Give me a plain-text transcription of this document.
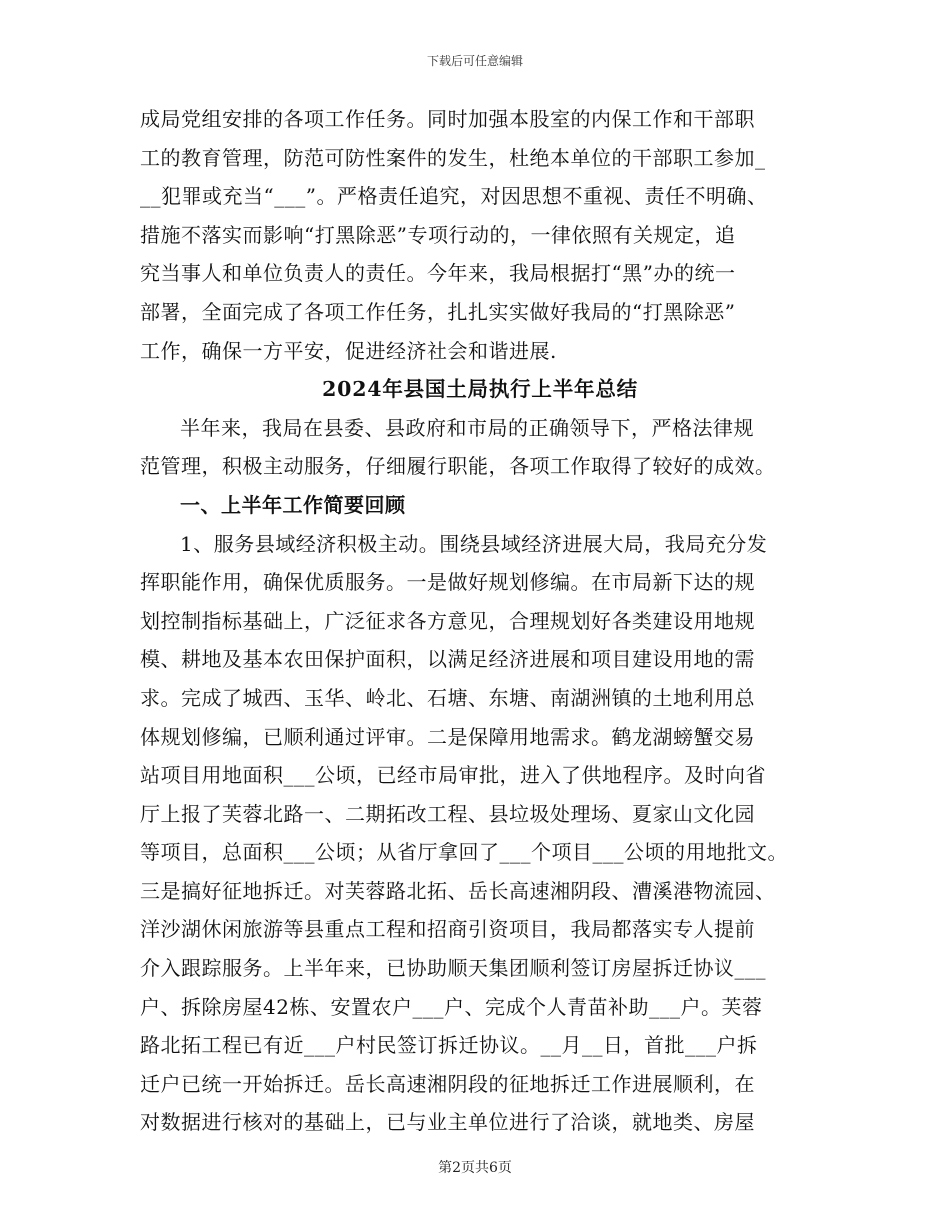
下载后可任意编辑
成局党组安排的各项工作任务。同时加强本股室的内保工作和干部职
工的教育管理，防范可防性案件的发生，杜绝本单位的干部职工参加_
__犯罪或充当“___”。严格责任追究，对因思想不重视、责任不明确、
措施不落实而影响“打黑除恶”专项行动的，一律依照有关规定，追
究当事人和单位负责人的责任。今年来，我局根据打“黑”办的统一
部署，全面完成了各项工作任务，扎扎实实做好我局的“打黑除恶”
工作，确保一方平安，促进经济社会和谐进展.
2024年县国土局执行上半年总结
半年来，我局在县委、县政府和市局的正确领导下，严格法律规
范管理，积极主动服务，仔细履行职能，各项工作取得了较好的成效。
一、上半年工作简要回顾
1、服务县域经济积极主动。围绕县域经济进展大局，我局充分发
挥职能作用，确保优质服务。一是做好规划修编。在市局新下达的规
划控制指标基础上，广泛征求各方意见，合理规划好各类建设用地规
模、耕地及基本农田保护面积，以满足经济进展和项目建设用地的需
求。完成了城西、玉华、岭北、石塘、东塘、南湖洲镇的土地利用总
体规划修编，已顺利通过评审。二是保障用地需求。鹤龙湖螃蟹交易
站项目用地面积___公顷，已经市局审批，进入了供地程序。及时向省
厅上报了芙蓉北路一、二期拓改工程、县垃圾处理场、夏家山文化园
等项目，总面积___公顷；从省厅拿回了___个项目___公顷的用地批文。
三是搞好征地拆迁。对芙蓉路北拓、岳长高速湘阴段、漕溪港物流园、
洋沙湖休闲旅游等县重点工程和招商引资项目，我局都落实专人提前
介入跟踪服务。上半年来，已协助顺天集团顺利签订房屋拆迁协议___
户、拆除房屋42栋、安置农户___户、完成个人青苗补助___户。芙蓉
路北拓工程已有近___户村民签订拆迁协议。__月__日，首批___户拆
迁户已统一开始拆迁。岳长高速湘阴段的征地拆迁工作进展顺利，在
对数据进行核对的基础上，已与业主单位进行了洽谈，就地类、房屋
第2页共6页
